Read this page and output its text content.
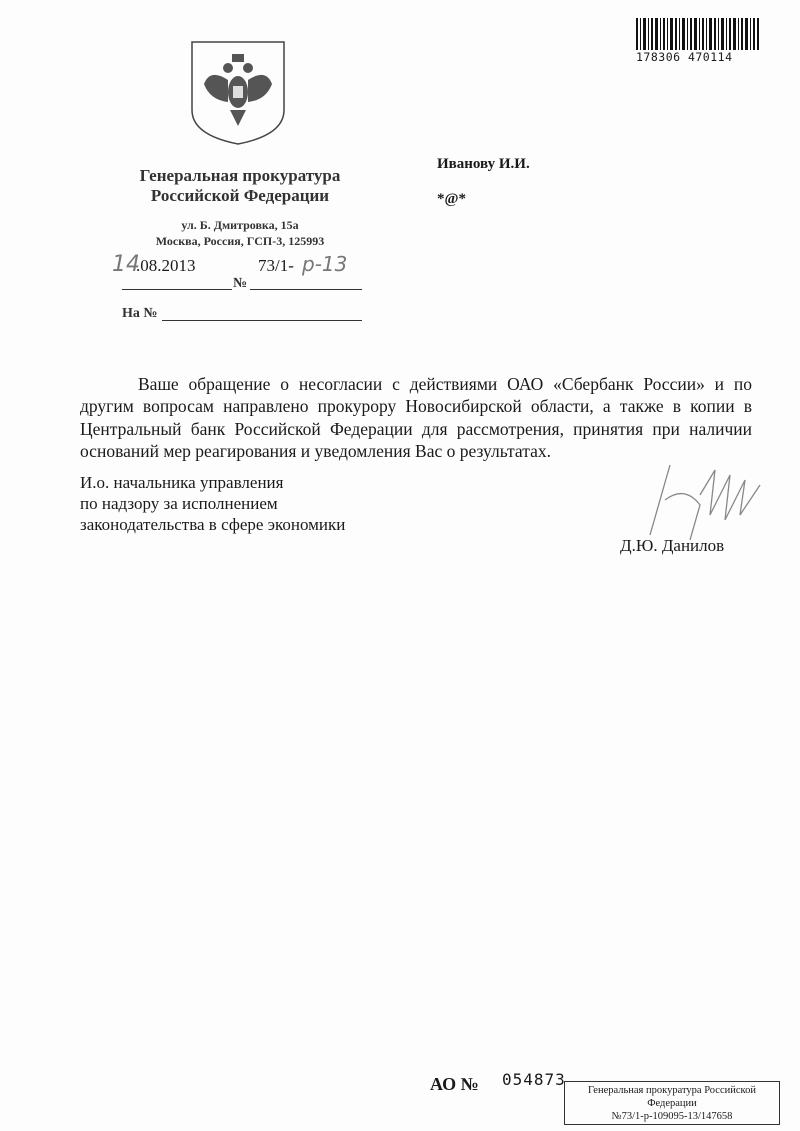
178306 470114
Генеральная прокуратура
Российской Федерации
ул. Б. Дмитровка, 15а
Москва, Россия, ГСП-3, 125993
14
.08.2013	73/1- р-13
№
На №
Иванову И.И.
*@*
Ваше обращение о несогласии с действиями ОАО «Сбербанк России» и по другим вопросам направлено прокурору Новосибирской области, а также в копии в Центральный банк Российской Федерации для рассмотрения, принятия при наличии оснований мер реагирования и уведомления Вас о результатах.
И.о. начальника управления
по надзору за исполнением
законодательства в сфере экономики
Д.Ю. Данилов
АО № 054873
Генеральная прокуратура Российской
Федерации
№73/1-р-109095-13/147658
